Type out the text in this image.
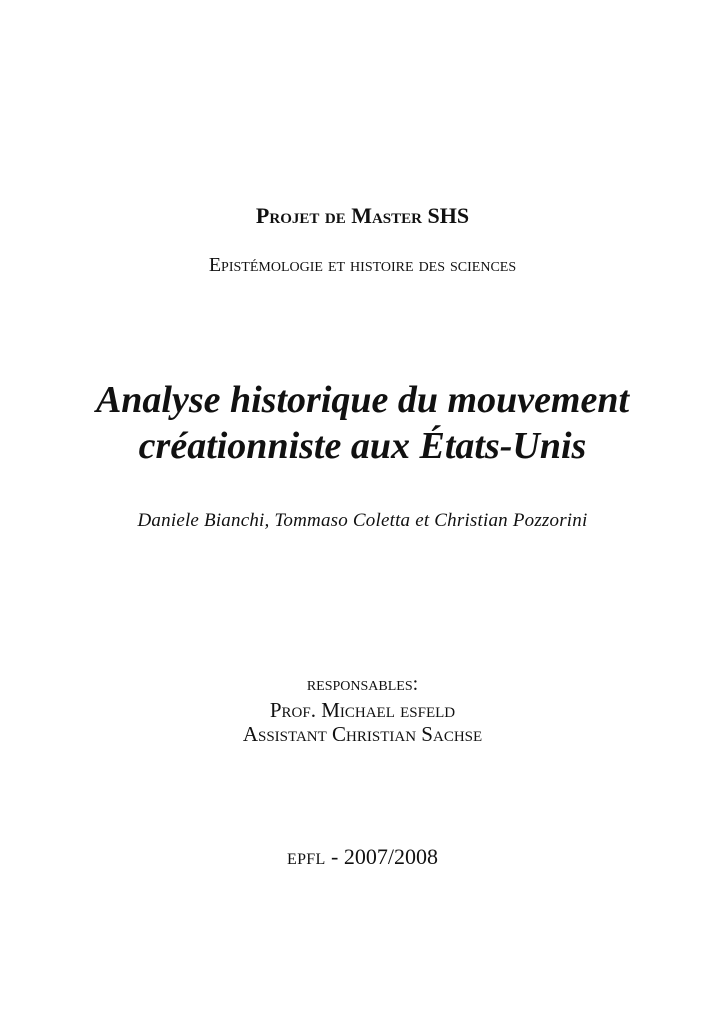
Projet de Master SHS
Epistémologie et histoire des sciences
Analyse historique du mouvement
créationniste aux États-Unis
Daniele Bianchi, Tommaso Coletta et Christian Pozzorini
responsables:
Prof. Michael esfeld
Assistant Christian Sachse
EPFL - 2007/2008
